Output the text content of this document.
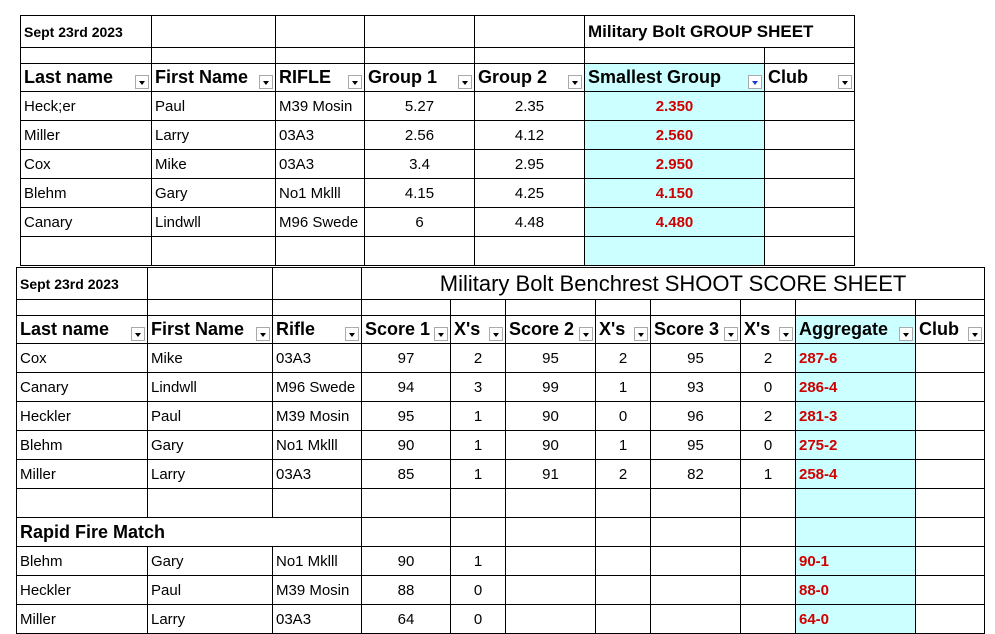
Sept 23rd 2023					Military Bolt GROUP SHEET	

Last name	First Name	RIFLE	Group 1	Group 2	Smallest Group	Club

Heck;er	Paul	M39 Mosin	5.27	2.35	2.350	
Miller	Larry	03A3	2.56	4.12	2.560	
Cox	Mike	03A3	3.4	2.95	2.950	
Blehm	Gary	No1 Mklll	4.15	4.25	4.150	
Canary	Lindwll	M96 Swede	6	4.48	4.480	

Sept 23rd 2023			Military Bolt Benchrest SHOOT SCORE SHEET							

Last name	First Name	Rifle	Score 1	X's	Score 2	X's	Score 3	X's	Aggregate	Club

Cox	Mike	03A3	97	2	95	2	95	2	287-6	
Canary	Lindwll	M96 Swede	94	3	99	1	93	0	286-4	
Heckler	Paul	M39 Mosin	95	1	90	0	96	2	281-3	
Blehm	Gary	No1 Mklll	90	1	90	1	95	0	275-2	
Miller	Larry	03A3	85	1	91	2	82	1	258-4	

Rapid Fire Match										
Blehm	Gary	No1 Mklll	90	1					90-1	
Heckler	Paul	M39 Mosin	88	0					88-0	
Miller	Larry	03A3	64	0					64-0	
